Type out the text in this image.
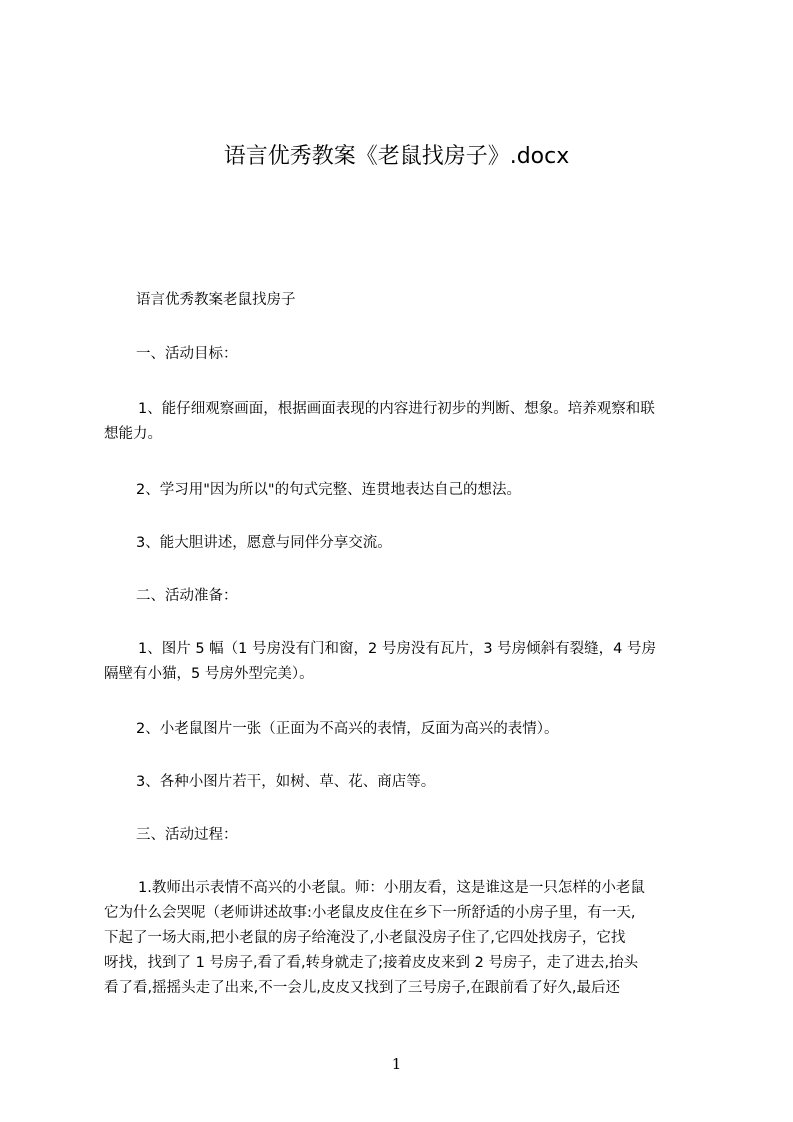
语言优秀教案《老鼠找房子》.docx
语言优秀教案老鼠找房子
一、活动目标：
1、能仔细观察画面，根据画面表现的内容进行初步的判断、想象。培养观察和联
想能力。
2、学习用"因为所以"的句式完整、连贯地表达自己的想法。
3、能大胆讲述，愿意与同伴分享交流。
二、活动准备：
1、图片 5 幅（1 号房没有门和窗，2 号房没有瓦片，3 号房倾斜有裂缝，4 号房
隔壁有小猫，5 号房外型完美）。
2、小老鼠图片一张（正面为不高兴的表情，反面为高兴的表情）。
3、各种小图片若干，如树、草、花、商店等。
三、活动过程：
1.教师出示表情不高兴的小老鼠。师：小朋友看，这是谁这是一只怎样的小老鼠
它为什么会哭呢（老师讲述故事:小老鼠皮皮住在乡下一所舒适的小房子里，有一天,
下起了一场大雨,把小老鼠的房子给淹没了,小老鼠没房子住了,它四处找房子，它找
呀找，找到了 1 号房子,看了看,转身就走了;接着皮皮来到 2 号房子，走了进去,抬头
看了看,摇摇头走了出来,不一会儿,皮皮又找到了三号房子,在跟前看了好久,最后还
1
